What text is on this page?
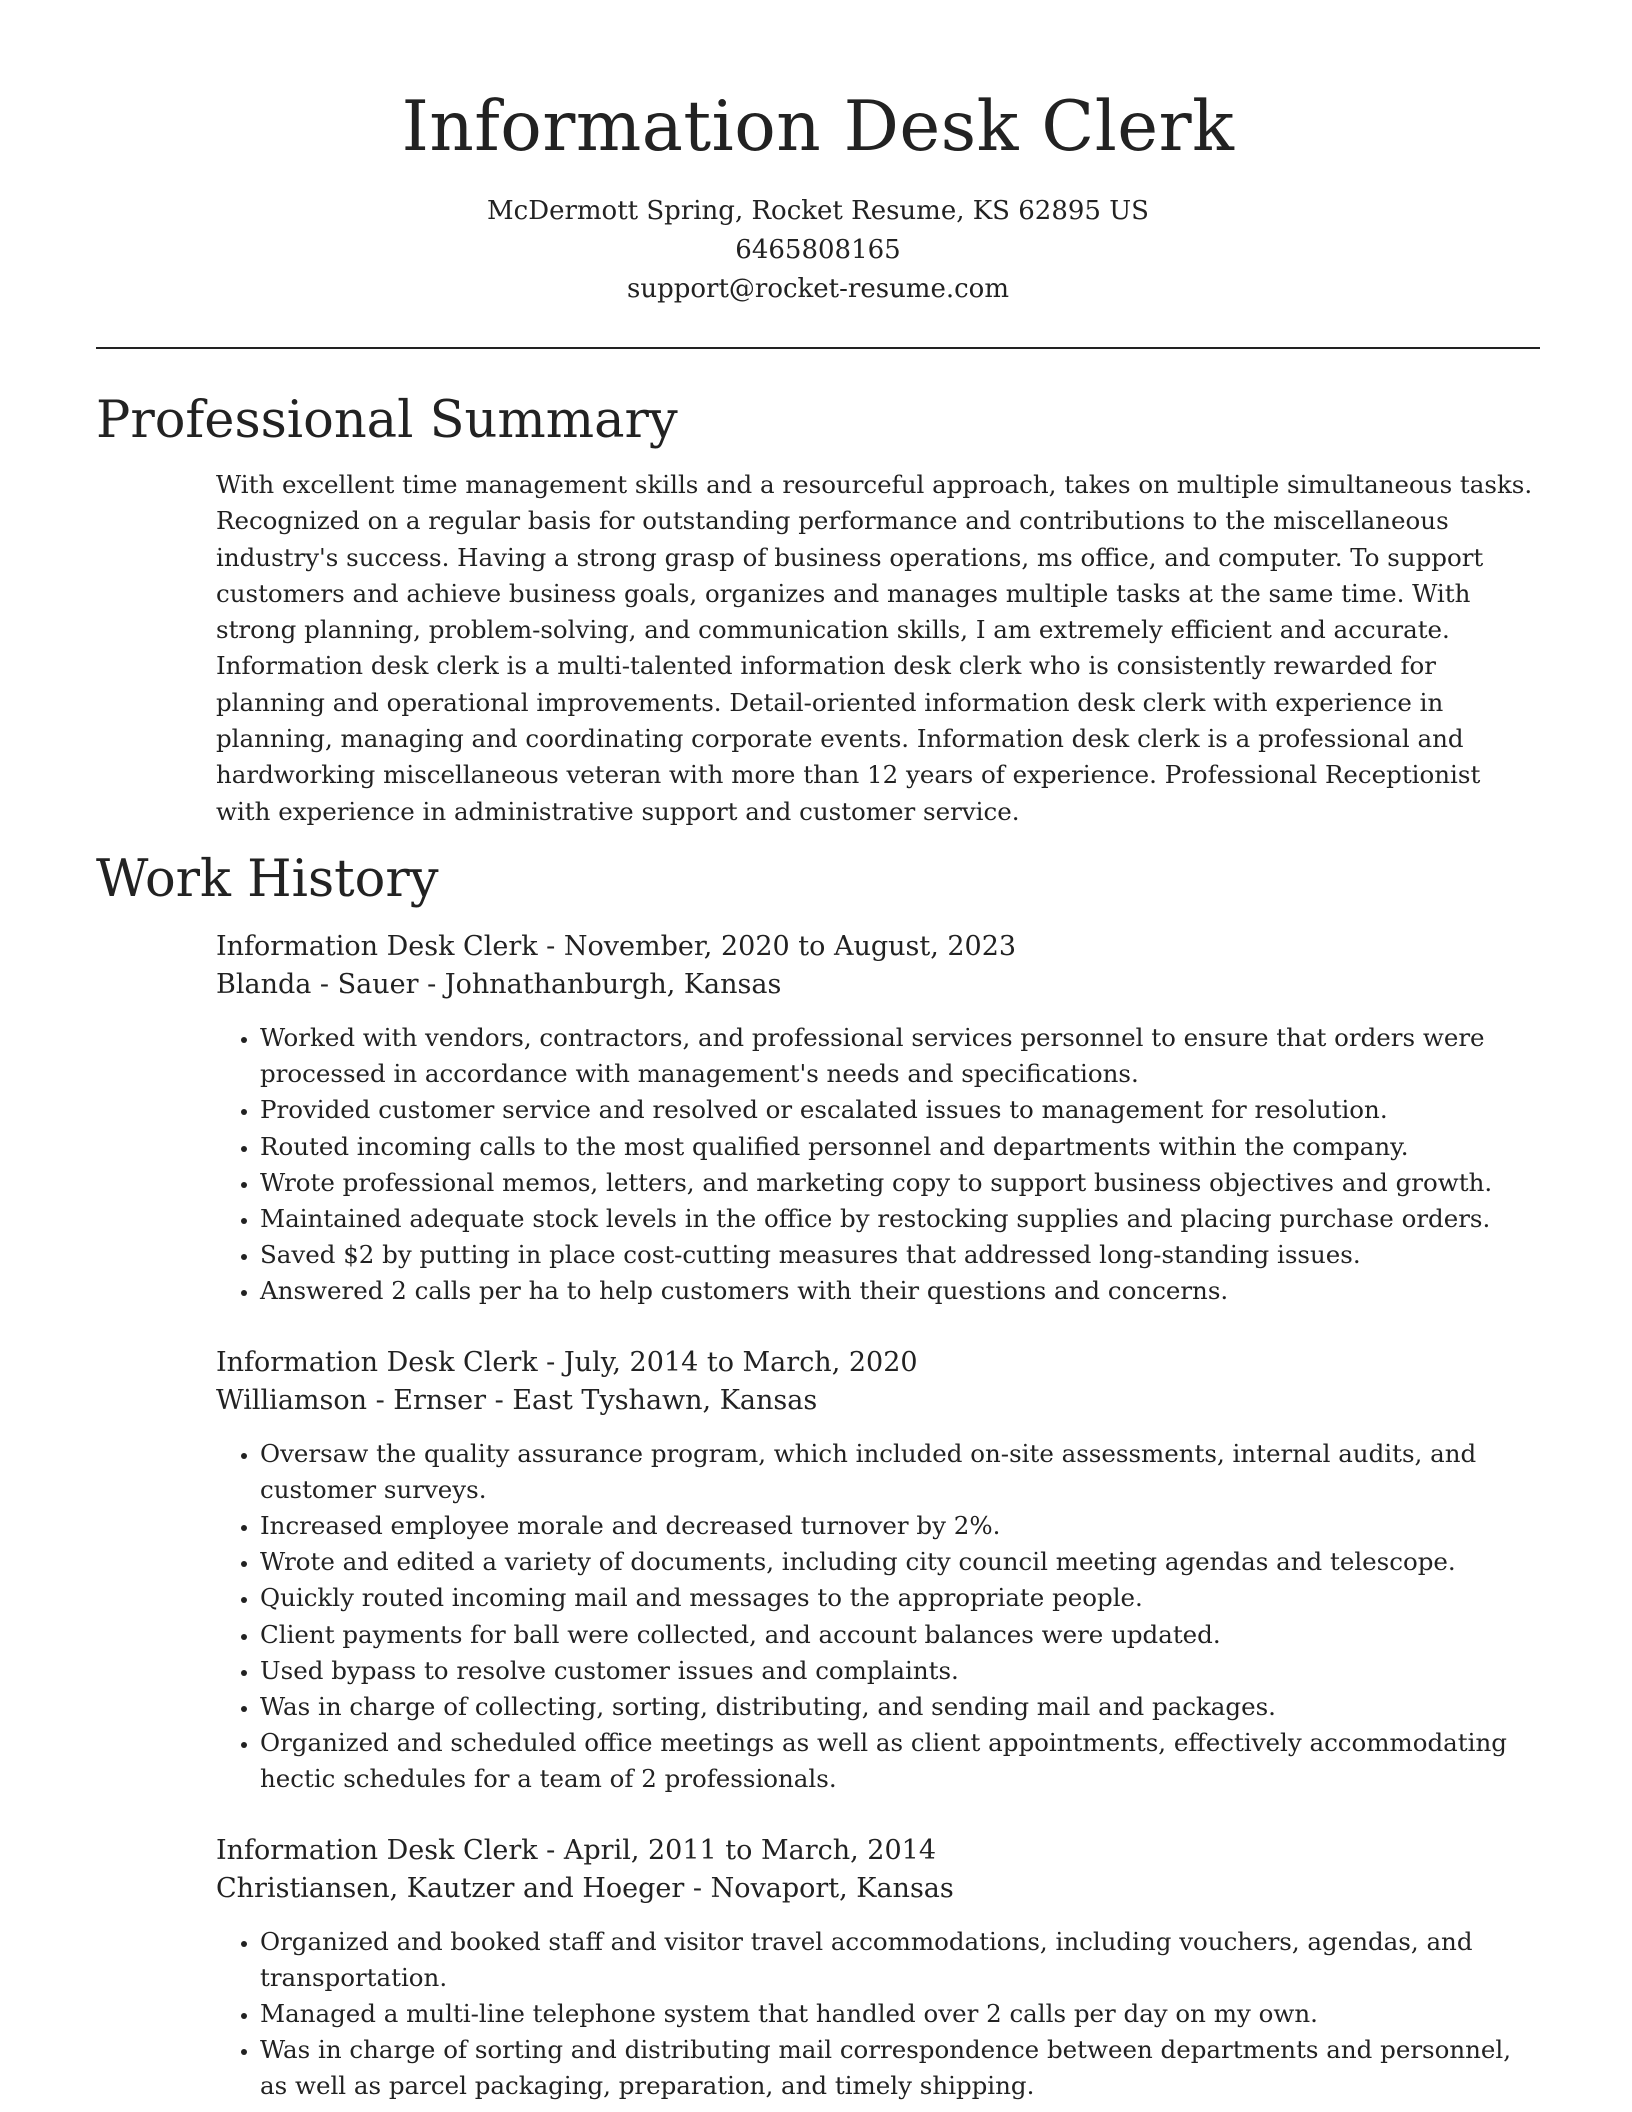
Information Desk Clerk
McDermott Spring, Rocket Resume, KS 62895 US
6465808165
support@rocket-resume.com
Professional Summary

With excellent time management skills and a resourceful approach, takes on multiple simultaneous tasks. Recognized on a regular basis for outstanding performance and contributions to the miscellaneous industry's success. Having a strong grasp of business operations, ms office, and computer. To support customers and achieve business goals, organizes and manages multiple tasks at the same time. With strong planning, problem-solving, and communication skills, I am extremely efficient and accurate. Information desk clerk is a multi-talented information desk clerk who is consistently rewarded for planning and operational improvements. Detail-oriented information desk clerk with experience in planning, managing and coordinating corporate events. Information desk clerk is a professional and hardworking miscellaneous veteran with more than 12 years of experience. Professional Receptionist with experience in administrative support and customer service.

Work History
Information Desk Clerk - November, 2020 to August, 2023
Blanda - Sauer - Johnathanburgh, Kansas
• Worked with vendors, contractors, and professional services personnel to ensure that orders were processed in accordance with management's needs and specifications.
• Provided customer service and resolved or escalated issues to management for resolution.
• Routed incoming calls to the most qualified personnel and departments within the company.
• Wrote professional memos, letters, and marketing copy to support business objectives and growth.
• Maintained adequate stock levels in the office by restocking supplies and placing purchase orders.
• Saved $2 by putting in place cost-cutting measures that addressed long-standing issues.
• Answered 2 calls per ha to help customers with their questions and concerns.
Information Desk Clerk - July, 2014 to March, 2020
Williamson - Ernser - East Tyshawn, Kansas
• Oversaw the quality assurance program, which included on-site assessments, internal audits, and customer surveys.
• Increased employee morale and decreased turnover by 2%.
• Wrote and edited a variety of documents, including city council meeting agendas and telescope.
• Quickly routed incoming mail and messages to the appropriate people.
• Client payments for ball were collected, and account balances were updated.
• Used bypass to resolve customer issues and complaints.
• Was in charge of collecting, sorting, distributing, and sending mail and packages.
• Organized and scheduled office meetings as well as client appointments, effectively accommodating hectic schedules for a team of 2 professionals.
Information Desk Clerk - April, 2011 to March, 2014
Christiansen, Kautzer and Hoeger - Novaport, Kansas
• Organized and booked staff and visitor travel accommodations, including vouchers, agendas, and transportation.
• Managed a multi-line telephone system that handled over 2 calls per day on my own.
• Was in charge of sorting and distributing mail correspondence between departments and personnel, as well as parcel packaging, preparation, and timely shipping.
